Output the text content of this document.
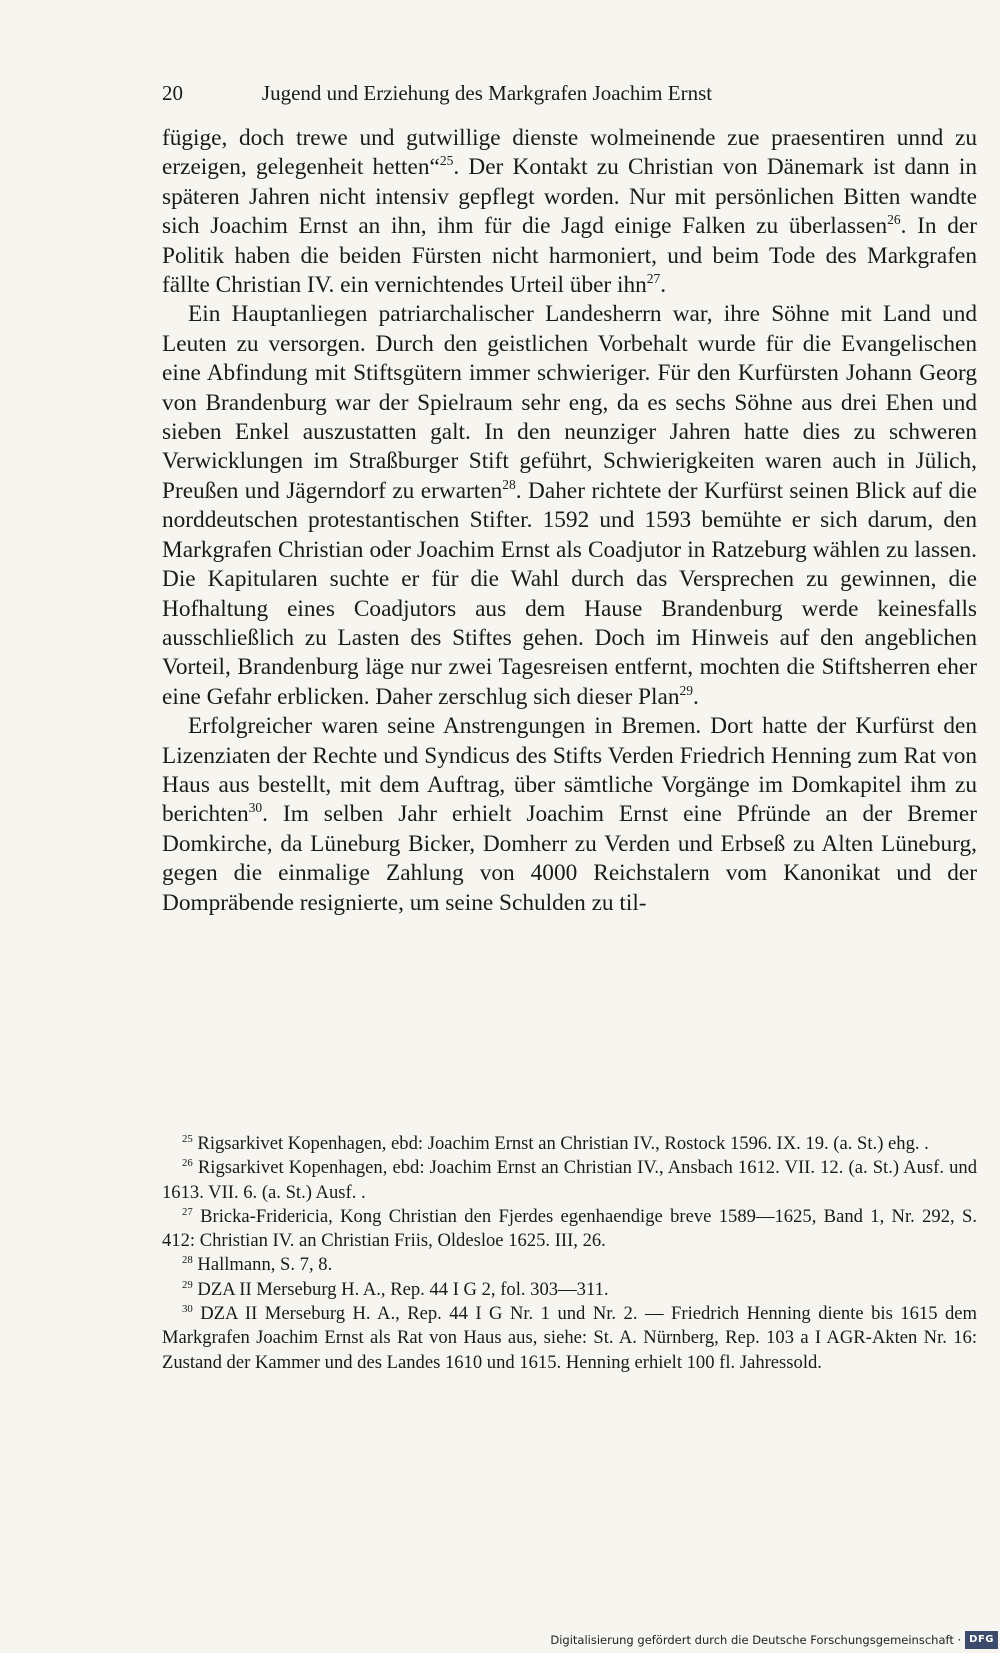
20	Jugend und Erziehung des Markgrafen Joachim Ernst

fügige, doch trewe und gutwillige dienste wolmeinende zue praesentiren unnd zu erzeigen, gelegenheit hetten“$^{25}$. Der Kontakt zu Christian von Dänemark ist dann in späteren Jahren nicht intensiv gepflegt worden. Nur mit persönlichen Bitten wandte sich Joachim Ernst an ihn, ihm für die Jagd einige Falken zu überlassen$^{26}$. In der Politik haben die beiden Fürsten nicht harmoniert, und beim Tode des Markgrafen fällte Christian IV. ein vernichtendes Urteil über ihn$^{27}$.

Ein Hauptanliegen patriarchalischer Landesherrn war, ihre Söhne mit Land und Leuten zu versorgen. Durch den geistlichen Vorbehalt wurde für die Evangelischen eine Abfindung mit Stiftsgütern immer schwieriger. Für den Kurfürsten Johann Georg von Brandenburg war der Spielraum sehr eng, da es sechs Söhne aus drei Ehen und sieben Enkel auszustatten galt. In den neunziger Jahren hatte dies zu schweren Verwicklungen im Straßburger Stift geführt, Schwierigkeiten waren auch in Jülich, Preußen und Jägerndorf zu erwarten$^{28}$. Daher richtete der Kurfürst seinen Blick auf die norddeutschen protestantischen Stifter. 1592 und 1593 bemühte er sich darum, den Markgrafen Christian oder Joachim Ernst als Coadjutor in Ratzeburg wählen zu lassen. Die Kapitularen suchte er für die Wahl durch das Versprechen zu gewinnen, die Hofhaltung eines Coadjutors aus dem Hause Brandenburg werde keinesfalls ausschließlich zu Lasten des Stiftes gehen. Doch im Hinweis auf den angeblichen Vorteil, Brandenburg läge nur zwei Tagesreisen entfernt, mochten die Stiftsherren eher eine Gefahr erblicken. Daher zerschlug sich dieser Plan$^{29}$.

Erfolgreicher waren seine Anstrengungen in Bremen. Dort hatte der Kurfürst den Lizenziaten der Rechte und Syndicus des Stifts Verden Friedrich Henning zum Rat von Haus aus bestellt, mit dem Auftrag, über sämtliche Vorgänge im Domkapitel ihm zu berichten$^{30}$. Im selben Jahr erhielt Joachim Ernst eine Pfründe an der Bremer Domkirche, da Lüneburg Bicker, Domherr zu Verden und Erbseß zu Alten Lüneburg, gegen die einmalige Zahlung von 4000 Reichstalern vom Kanonikat und der Dompräbende resignierte, um seine Schulden zu til-

$^{25}$ Rigsarkivet Kopenhagen, ebd: Joachim Ernst an Christian IV., Rostock 1596. IX. 19. (a. St.) ehg. .

$^{26}$ Rigsarkivet Kopenhagen, ebd: Joachim Ernst an Christian IV., Ansbach 1612. VII. 12. (a. St.) Ausf. und 1613. VII. 6. (a. St.) Ausf. .

$^{27}$ Bricka-Fridericia, Kong Christian den Fjerdes egenhaendige breve 1589—1625, Band 1, Nr. 292, S. 412: Christian IV. an Christian Friis, Oldesloe 1625. III, 26.

$^{28}$ Hallmann, S. 7, 8.

$^{29}$ DZA II Merseburg H. A., Rep. 44 I G 2, fol. 303—311.

$^{30}$ DZA II Merseburg H. A., Rep. 44 I G Nr. 1 und Nr. 2. — Friedrich Henning diente bis 1615 dem Markgrafen Joachim Ernst als Rat von Haus aus, siehe: St. A. Nürnberg, Rep. 103 a I AGR-Akten Nr. 16: Zustand der Kammer und des Landes 1610 und 1615. Henning erhielt 100 fl. Jahressold.

Digitalisierung gefördert durch die Deutsche Forschungsgemeinschaft · DFG
